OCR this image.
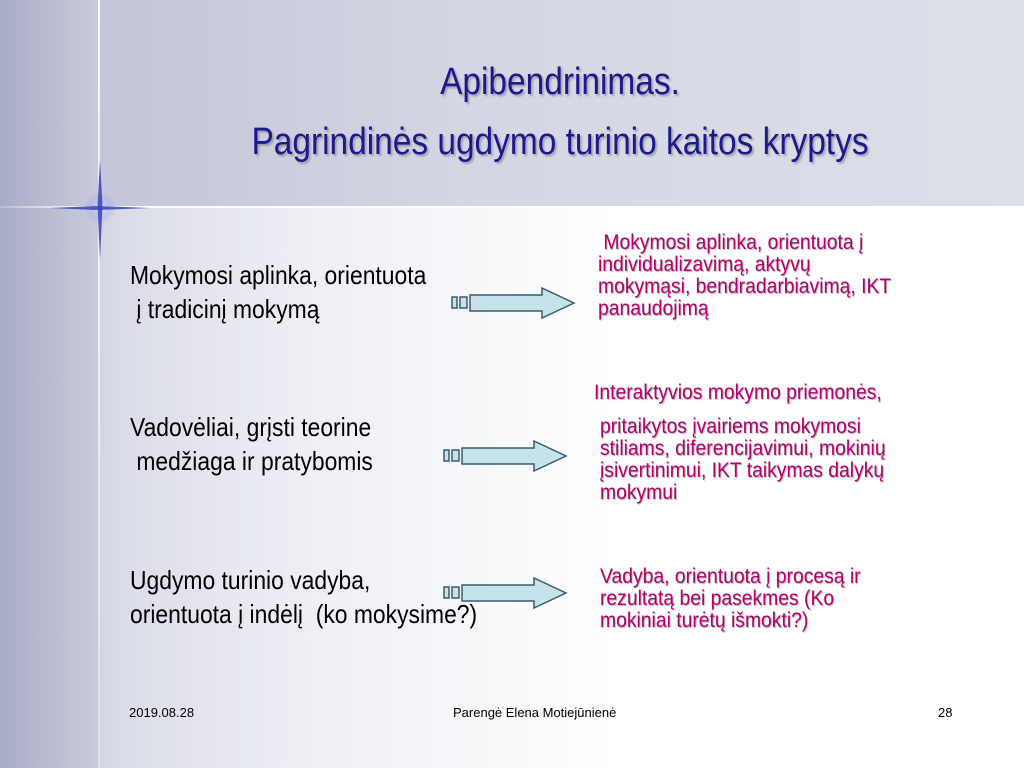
Apibendrinimas.
Pagrindinės ugdymo turinio kaitos kryptys
Mokymosi aplinka, orientuota
į tradicinį mokymą
Mokymosi aplinka, orientuota į
individualizavimą, aktyvų
mokymąsi, bendradarbiavimą, IKT
panaudojimą
Vadovėliai, grįsti teorine
medžiaga ir pratybomis
Interaktyvios mokymo priemonės,
pritaikytos įvairiems mokymosi
stiliams, diferencijavimui, mokinių
įsivertinimui, IKT taikymas dalykų
mokymui
Ugdymo turinio vadyba,
orientuota į indėlį  (ko mokysime?)
Vadyba, orientuota į procesą ir
rezultatą bei pasekmes (Ko
mokiniai turėtų išmokti?)
2019.08.28	Parengė Elena Motiejūnienė	28
